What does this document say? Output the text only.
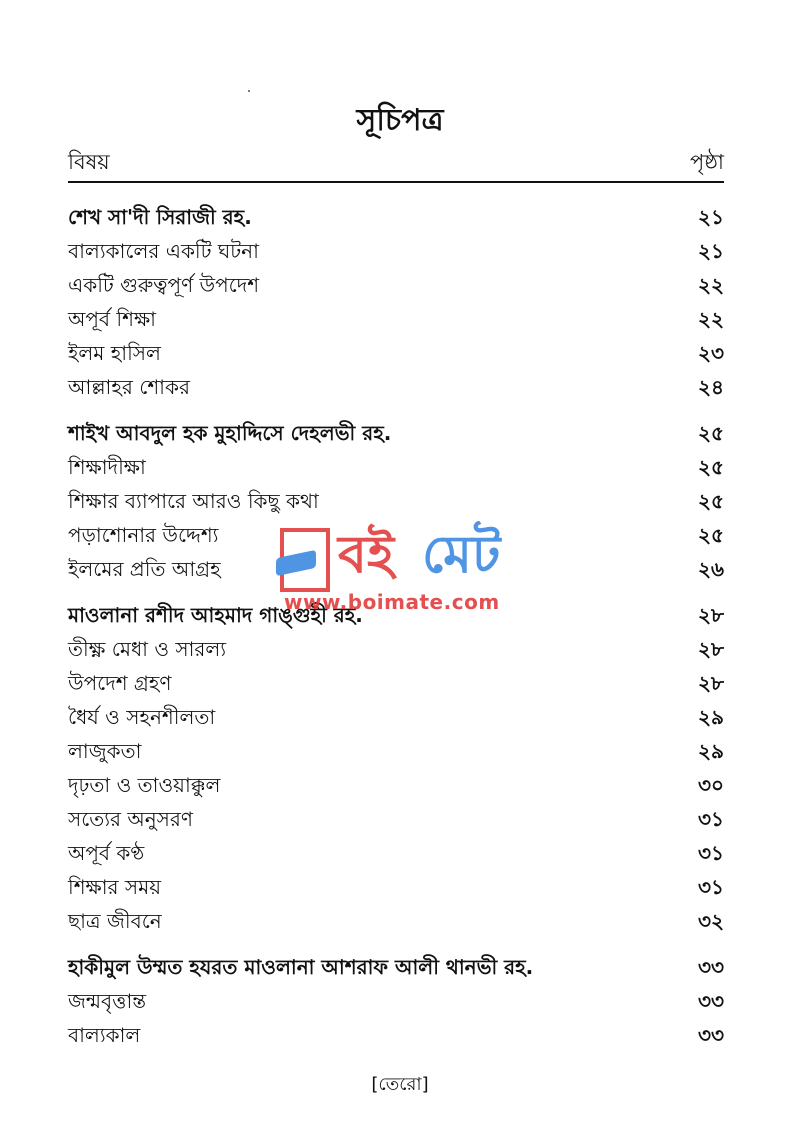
সূচিপত্র
বিষয়	পৃষ্ঠা
শেখ সা'দী সিরাজী রহ.	২১
বাল্যকালের একটি ঘটনা	২১
একটি গুরুত্বপূর্ণ উপদেশ	২২
অপূর্ব শিক্ষা	২২
ইলম হাসিল	২৩
আল্লাহর শোকর	২৪
শাইখ আবদুল হক মুহাদ্দিসে দেহলভী রহ.	২৫
শিক্ষাদীক্ষা	২৫
শিক্ষার ব্যাপারে আরও কিছু কথা	২৫
পড়াশোনার উদ্দেশ্য	২৫
ইলমের প্রতি আগ্রহ	২৬
মাওলানা রশীদ আহমাদ গাঙ্গুহী রহ.	২৮
তীক্ষ্ণ মেধা ও সারল্য	২৮
উপদেশ গ্রহণ	২৮
ধৈর্য ও সহনশীলতা	২৯
লাজুকতা	২৯
দৃঢ়তা ও তাওয়াক্কুল	৩০
সত্যের অনুসরণ	৩১
অপূর্ব কণ্ঠ	৩১
শিক্ষার সময়	৩১
ছাত্র জীবনে	৩২
হাকীমুল উম্মত হযরত মাওলানা আশরাফ আলী থানভী রহ.	৩৩
জন্মবৃত্তান্ত	৩৩
বাল্যকাল	৩৩
বই মেট
www.boimate.com
[তেরো]
